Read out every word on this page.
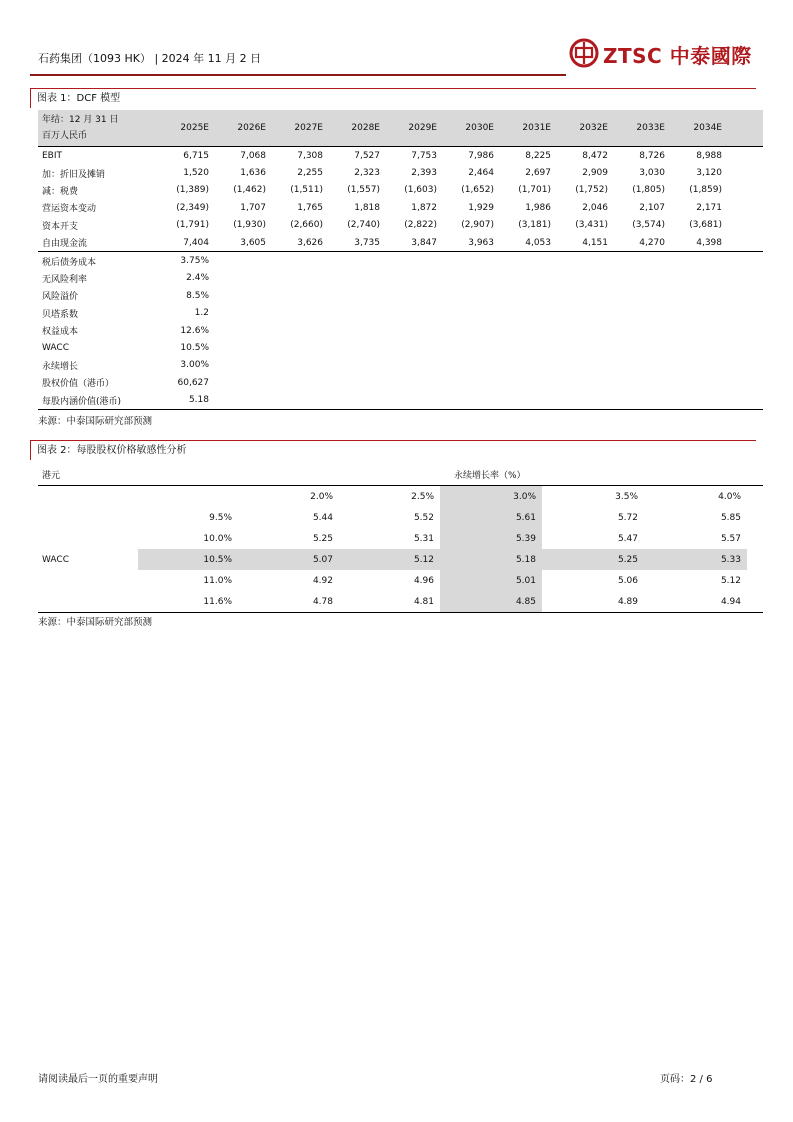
石药集团（1093 HK） | 2024 年 11 月 2 日	ZTSC 中泰國際
图表 1：DCF 模型
年结：12 月 31 日
百万人民币	2025E	2026E	2027E	2028E	2029E	2030E	2031E	2032E	2033E	2034E	
EBIT	6,715	7,068	7,308	7,527	7,753	7,986	8,225	8,472	8,726	8,988	
加：折旧及摊销	1,520	1,636	2,255	2,323	2,393	2,464	2,697	2,909	3,030	3,120	
减：税费	(1,389)	(1,462)	(1,511)	(1,557)	(1,603)	(1,652)	(1,701)	(1,752)	(1,805)	(1,859)	
营运资本变动	(2,349)	1,707	1,765	1,818	1,872	1,929	1,986	2,046	2,107	2,171	
资本开支	(1,791)	(1,930)	(2,660)	(2,740)	(2,822)	(2,907)	(3,181)	(3,431)	(3,574)	(3,681)	
自由现金流	7,404	3,605	3,626	3,735	3,847	3,963	4,053	4,151	4,270	4,398	
税后债务成本	3.75%										
无风险利率	2.4%										
风险溢价	8.5%										
贝塔系数	1.2										
权益成本	12.6%										
WACC	10.5%										
永续增长	3.00%										
股权价值（港币）	60,627										
每股内涵价值(港币)	5.18										
来源：中泰国际研究部预测
图表 2：每股股权价格敏感性分析
港元				永续增长率（%）			
		2.0%	2.5%	3.0%	3.5%	4.0%	
	9.5%	5.44	5.52	5.61	5.72	5.85	
	10.0%	5.25	5.31	5.39	5.47	5.57	
WACC	10.5%	5.07	5.12	5.18	5.25	5.33	
	11.0%	4.92	4.96	5.01	5.06	5.12	
	11.6%	4.78	4.81	4.85	4.89	4.94	
来源：中泰国际研究部预测
请阅读最后一页的重要声明	页码：2 / 6
